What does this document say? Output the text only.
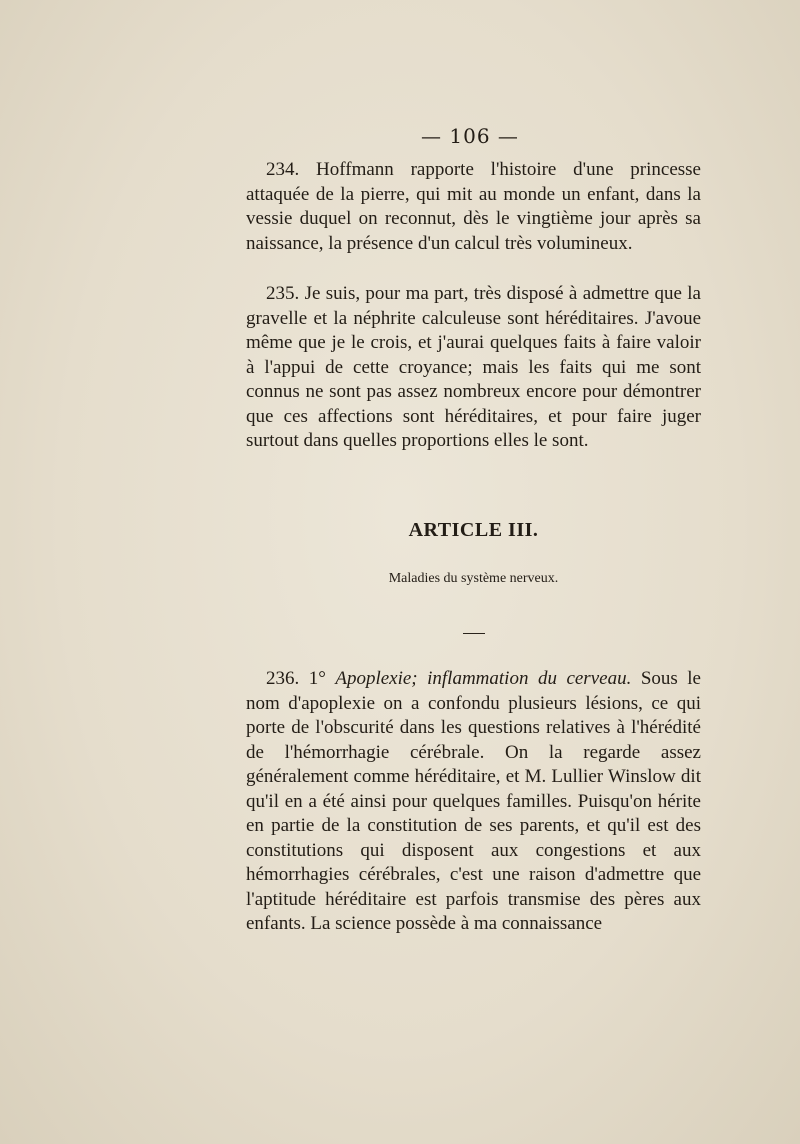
— 106 —

234. Hoffmann rapporte l'histoire d'une princesse attaquée de la pierre, qui mit au monde un enfant, dans la vessie duquel on reconnut, dès le vingtième jour après sa naissance, la présence d'un calcul très volumineux.

235. Je suis, pour ma part, très disposé à admettre que la gravelle et la néphrite calculeuse sont héréditaires. J'avoue même que je le crois, et j'aurai quelques faits à faire valoir à l'appui de cette croyance; mais les faits qui me sont connus ne sont pas assez nombreux encore pour démontrer que ces affections sont héréditaires, et pour faire juger surtout dans quelles proportions elles le sont.

ARTICLE III.
Maladies du système nerveux.

236. 1° Apoplexie; inflammation du cerveau. Sous le nom d'apoplexie on a confondu plusieurs lésions, ce qui porte de l'obscurité dans les questions relatives à l'hérédité de l'hémorrhagie cérébrale. On la regarde assez généralement comme héréditaire, et M. Lullier Winslow dit qu'il en a été ainsi pour quelques familles. Puisqu'on hérite en partie de la constitution de ses parents, et qu'il est des constitutions qui disposent aux congestions et aux hémorrhagies cérébrales, c'est une raison d'admettre que l'aptitude héréditaire est parfois transmise des pères aux enfants. La science possède à ma connaissance
